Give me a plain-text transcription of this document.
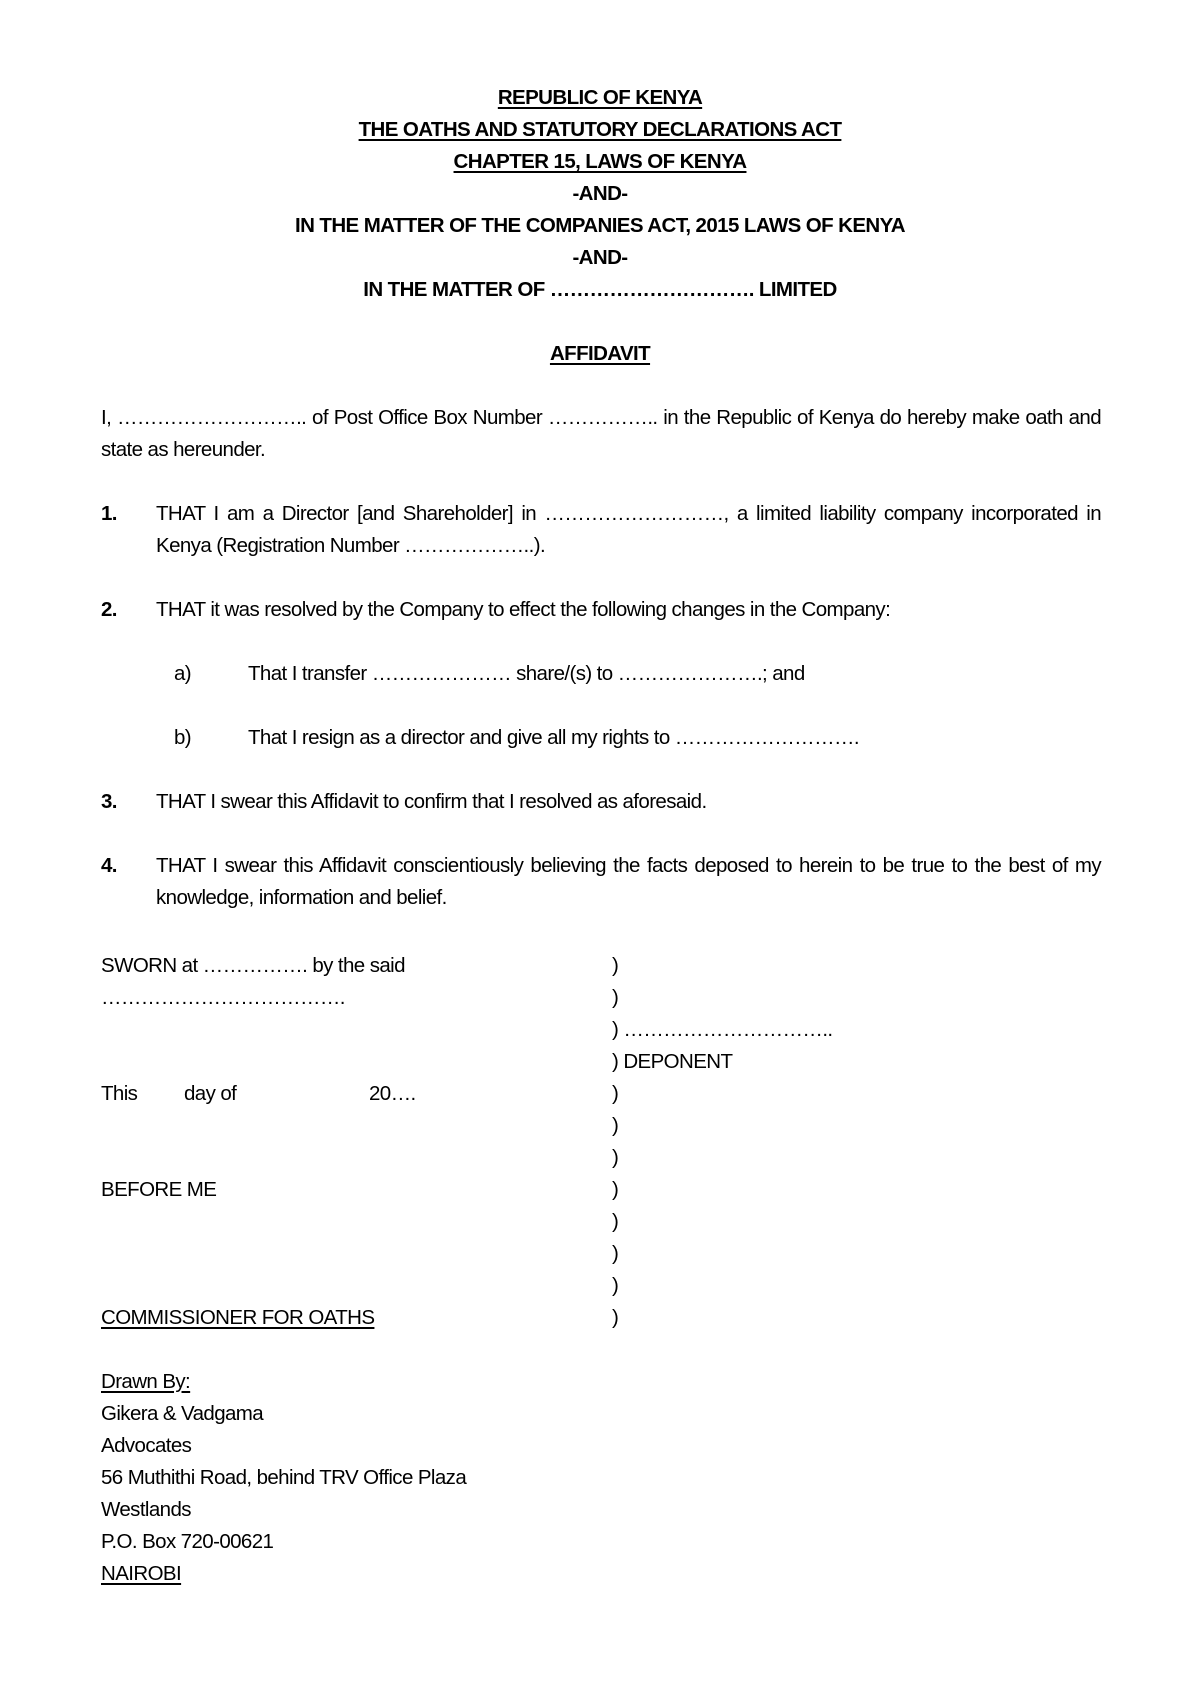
REPUBLIC OF KENYA
THE OATHS AND STATUTORY DECLARATIONS ACT
CHAPTER 15, LAWS OF KENYA
-AND-
IN THE MATTER OF THE COMPANIES ACT, 2015 LAWS OF KENYA
-AND-
IN THE MATTER OF …………………………. LIMITED
AFFIDAVIT
I, ……………………….. of Post Office Box Number …………….. in the Republic of Kenya do hereby make oath and state as hereunder.
1. THAT I am a Director [and Shareholder] in ………………………, a limited liability company incorporated in Kenya (Registration Number ………………..).
2. THAT it was resolved by the Company to effect the following changes in the Company:
a)	That I transfer ………………… share/(s) to ………………….; and
b)	That I resign as a director and give all my rights to ……………………….
3. THAT I swear this Affidavit to confirm that I resolved as aforesaid.
4. THAT I swear this Affidavit conscientiously believing the facts deposed to herein to be true to the best of my knowledge, information and belief.
SWORN at ……………. by the said
……………………………….
This day of	20….
BEFORE ME
COMMISSIONER FOR OATHS
)
)
) …………………………..
) DEPONENT
)
)
)
)
)
)
)
)
Drawn By:
Gikera & Vadgama
Advocates
56 Muthithi Road, behind TRV Office Plaza
Westlands
P.O. Box 720-00621
NAIROBI
